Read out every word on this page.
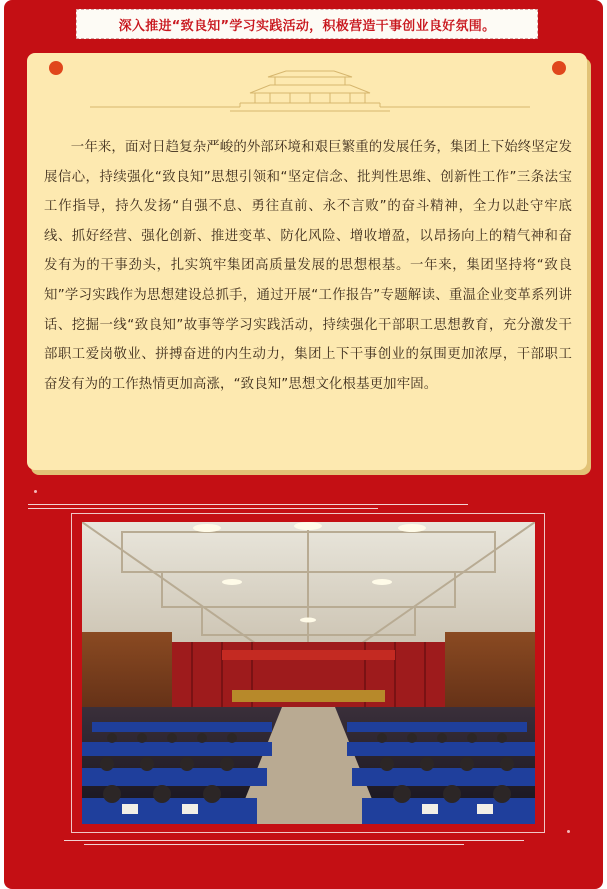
深入推进“致良知”学习实践活动，积极营造干事创业良好氛围。

一年来，面对日趋复杂严峻的外部环境和艰巨繁重的发展任务，集团上下始终坚定发展信心，持续强化“致良知”思想引领和“坚定信念、批判性思维、创新性工作”三条法宝工作指导，持久发扬“自强不息、勇往直前、永不言败”的奋斗精神，全力以赴守牢底线、抓好经营、强化创新、推进变革、防化风险、增收增盈，以昂扬向上的精气神和奋发有为的干事劲头，扎实筑牢集团高质量发展的思想根基。一年来，集团坚持将“致良知”学习实践作为思想建设总抓手，通过开展“工作报告”专题解读、重温企业变革系列讲话、挖掘一线“致良知”故事等学习实践活动，持续强化干部职工思想教育，充分激发干部职工爱岗敬业、拼搏奋进的内生动力，集团上下干事创业的氛围更加浓厚，干部职工奋发有为的工作热情更加高涨，“致良知”思想文化根基更加牢固。
